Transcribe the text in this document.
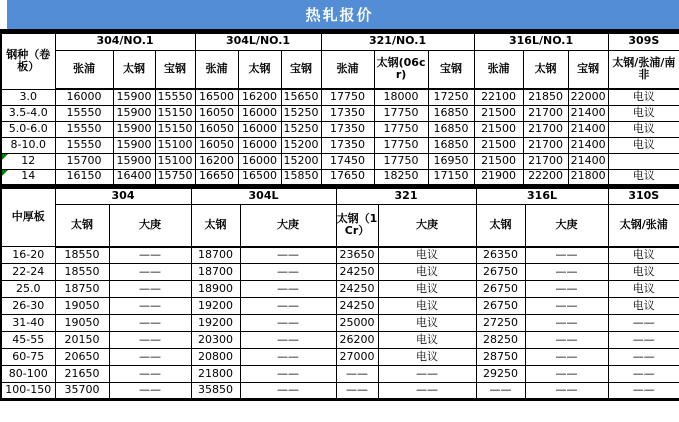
热轧报价
钢种（卷板）	304/NO.1			304L/NO.1			321/NO.1			316L/NO.1			309S
	张浦	太钢	宝钢	张浦	太钢	宝钢	张浦	太钢(06cr)	宝钢	张浦	太钢	宝钢	太钢/张浦/南非
3.0	16000	15900	15550	16500	16200	15650	17750	18000	17250	22100	21850	22000	电议
3.5-4.0	15550	15900	15150	16050	16000	15250	17350	17750	16850	21500	21700	21400	电议
5.0-6.0	15550	15900	15150	16050	16000	15250	17350	17750	16850	21500	21700	21400	电议
8-10.0	15550	15900	15100	16050	16000	15200	17350	17750	16850	21500	21700	21400	电议

12	15700	15900	15100	16200	16000	15200	17450	17750	16950	21500	21700	21400	

14	16150	16400	15750	16650	16500	15850	17650	18250	17150	21900	22200	21800	电议
中厚板	304		304L		321		316L		310S
	太钢	大庚	太钢	大庚	太钢（1Cr）	大庚	太钢	大庚	太钢/张浦
16-20	18550	——	18700	——	23650	电议	26350	——	电议
22-24	18550	——	18700	——	24250	电议	26750	——	电议
25.0	18750	——	18900	——	24250	电议	26750	——	电议
26-30	19050	——	19200	——	24250	电议	26750	——	电议
31-40	19050	——	19200	——	25000	电议	27250	——	——
45-55	20150	——	20300	——	26200	电议	28250	——	——
60-75	20650	——	20800	——	27000	电议	28750	——	——
80-100	21650	——	21800	——	——	——	29250	——	——
100-150	35700	——	35850	——	——	——	——	——	——
